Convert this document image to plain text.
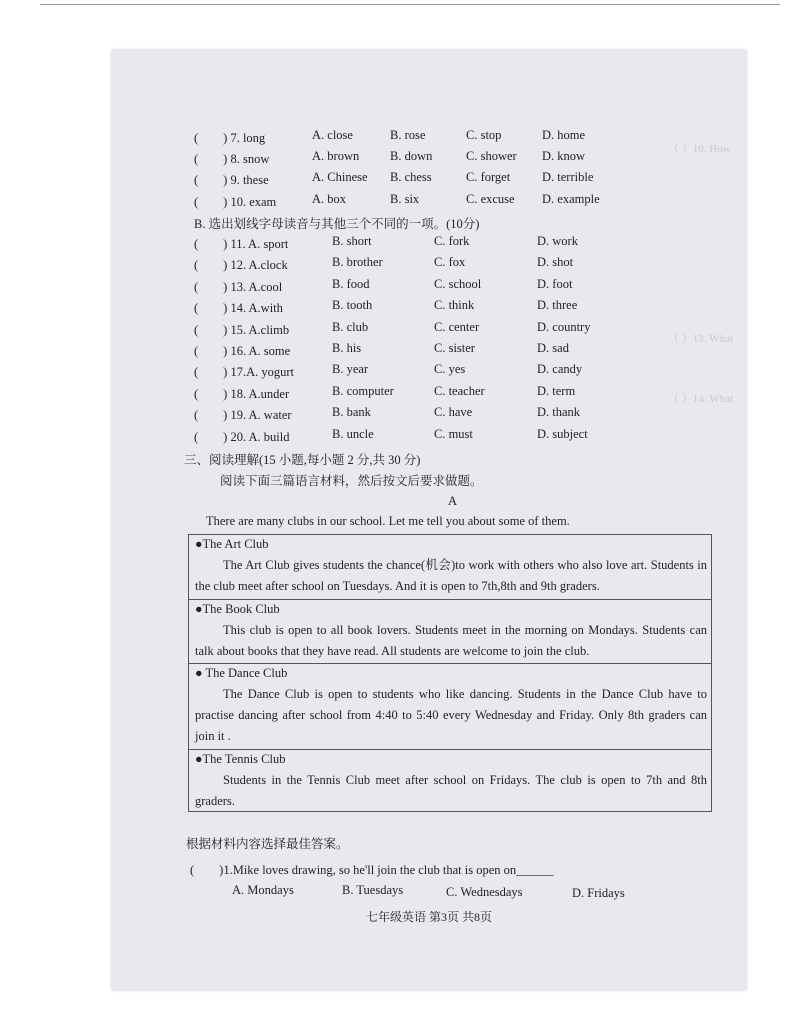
（ ）10. How
（ ）13. What
（ ）14. What
(　　) 7. long	A. close	B. rose	C. stop	D. home
(　　) 8. snow	A. brown B. down	C. shower D. know
(　　) 9. these	A. Chinese B. chess	C. forget	D. terrible
(　　) 10. exam	A. box	B. six	C. excuse D. example
B. 选出划线字母读音与其他三个不同的一项。(10分)
(　　) 11. A. sport	B. short	C. fork	D. work
(　　) 12. A.clock	B. brother	C. fox	D. shot
(　　) 13. A.cool	B. food	C. school	D. foot
(　　) 14. A.with	B. tooth	C. think	D. three
(　　) 15. A.climb	B. club	C. center	D. country
(　　) 16. A. some	B. his	C. sister	D. sad
(　　) 17.A. yogurt	B. year	C. yes	D. candy
(　　) 18. A.under	B. computer	C. teacher	D. term
(　　) 19. A. water	B. bank	C. have	D. thank
(　　) 20. A. build	B. uncle	C. must	D. subject
三、阅读理解(15 小题,每小题 2 分,共 30 分)
阅读下面三篇语言材料，然后按文后要求做题。
A
There are many clubs in our school. Let me tell you about some of them.
●The Art Club
The Art Club gives students the chance(机会)to work with others who also love art. Students in the club meet after school on Tuesdays. And it is open to 7th,8th and 9th graders.
●The Book Club
This club is open to all book lovers. Students meet in the morning on Mondays. Students can talk about books that they have read. All students are welcome to join the club.
● The Dance Club
The Dance Club is open to students who like dancing. Students in the Dance Club have to practise dancing after school from 4:40 to 5:40 every Wednesday and Friday. Only 8th graders can join it .
●The Tennis Club
Students in the Tennis Club meet after school on Fridays. The club is open to 7th and 8th graders.
根据材料内容选择最佳答案。
(　　)1.Mike loves drawing, so he'll join the club that is open on______
A. Mondays	B. Tuesdays	C. Wednesdays	D. Fridays
七年级英语 第3页 共8页
